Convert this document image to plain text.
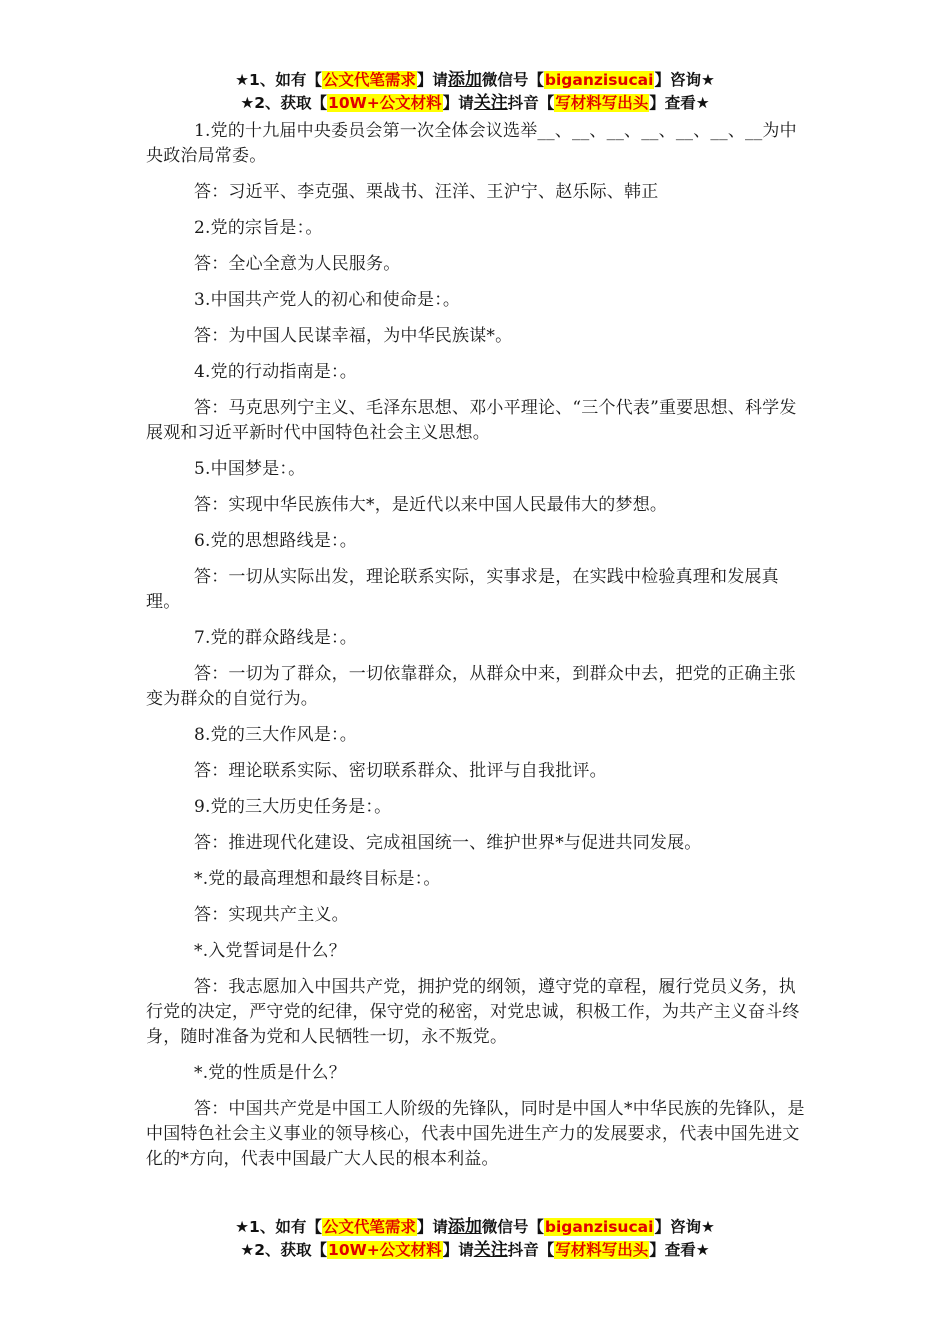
★1、如有【公文代笔需求】请添加微信号【biganzisucai】咨询★
★2、获取【10W+公文材料】请关注抖音【写材料写出头】查看★

1.党的十九届中央委员会第一次全体会议选举__、__、__、__、__、__、__为中央政治局常委。

答：习近平、李克强、栗战书、汪洋、王沪宁、赵乐际、韩正

2.党的宗旨是：。

答：全心全意为人民服务。

3.中国共产党人的初心和使命是：。

答：为中国人民谋幸福，为中华民族谋*。

4.党的行动指南是：。

答：马克思列宁主义、毛泽东思想、邓小平理论、“三个代表”重要思想、科学发展观和习近平新时代中国特色社会主义思想。

5.中国梦是：。

答：实现中华民族伟大*，是近代以来中国人民最伟大的梦想。

6.党的思想路线是：。

答：一切从实际出发，理论联系实际，实事求是，在实践中检验真理和发展真理。

7.党的群众路线是：。

答：一切为了群众，一切依靠群众，从群众中来，到群众中去，把党的正确主张变为群众的自觉行为。

8.党的三大作风是：。

答：理论联系实际、密切联系群众、批评与自我批评。

9.党的三大历史任务是：。

答：推进现代化建设、完成祖国统一、维护世界*与促进共同发展。

*.党的最高理想和最终目标是：。

答：实现共产主义。

*.入党誓词是什么？

答：我志愿加入中国共产党，拥护党的纲领，遵守党的章程，履行党员义务，执行党的决定，严守党的纪律，保守党的秘密，对党忠诚，积极工作，为共产主义奋斗终身，随时准备为党和人民牺牲一切，永不叛党。

*.党的性质是什么？

答：中国共产党是中国工人阶级的先锋队，同时是中国人*中华民族的先锋队，是中国特色社会主义事业的领导核心，代表中国先进生产力的发展要求，代表中国先进文化的*方向，代表中国最广大人民的根本利益。

★1、如有【公文代笔需求】请添加微信号【biganzisucai】咨询★
★2、获取【10W+公文材料】请关注抖音【写材料写出头】查看★
